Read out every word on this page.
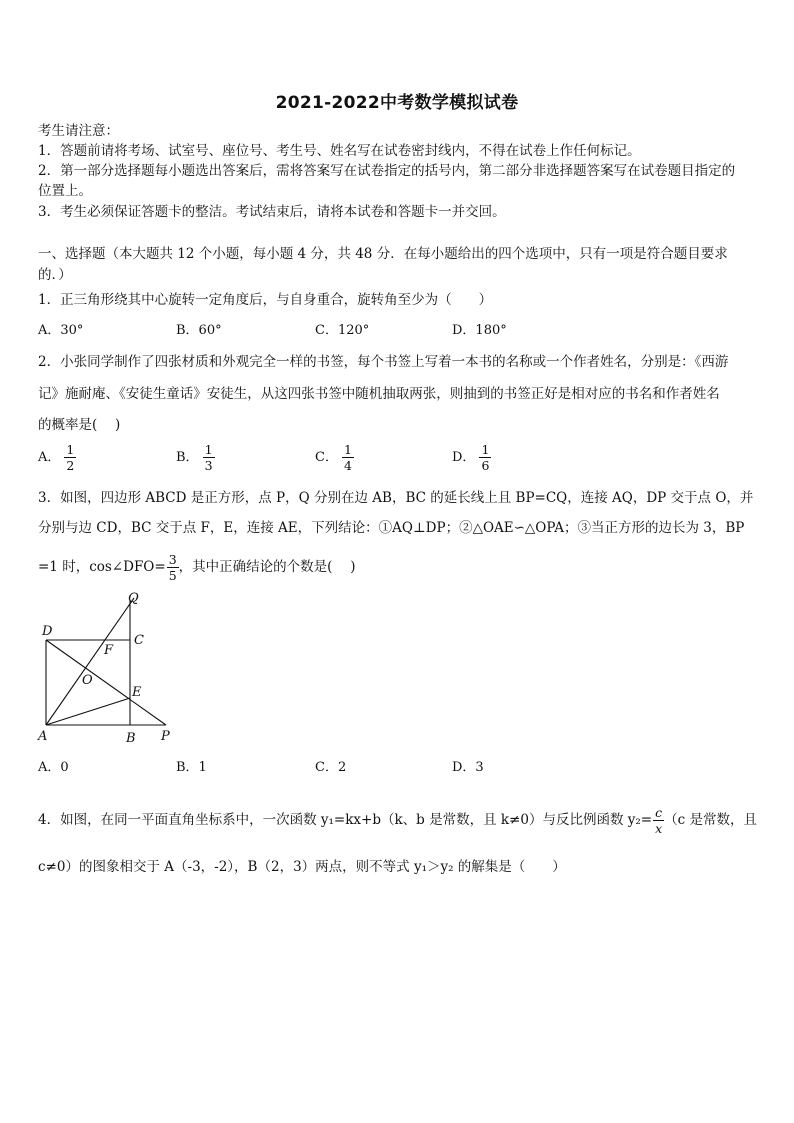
2021-2022中考数学模拟试卷
考生请注意：
1．答题前请将考场、试室号、座位号、考生号、姓名写在试卷密封线内，不得在试卷上作任何标记。
2．第一部分选择题每小题选出答案后，需将答案写在试卷指定的括号内，第二部分非选择题答案写在试卷题目指定的
位置上。
3．考生必须保证答题卡的整洁。考试结束后，请将本试卷和答题卡一并交回。
一、选择题（本大题共 12 个小题，每小题 4 分，共 48 分．在每小题给出的四个选项中，只有一项是符合题目要求
的．）
1．正三角形绕其中心旋转一定角度后，与自身重合，旋转角至少为（　　）
A．30°	B．60°	C．120°	D．180°
2．小张同学制作了四张材质和外观完全一样的书签，每个书签上写着一本书的名称或一个作者姓名，分别是：《西游
记》施耐庵、《安徒生童话》安徒生，从这四张书签中随机抽取两张，则抽到的书签正好是相对应的书名和作者姓名
的概率是(　 )
A． $\frac{1}{2}$	B． $\frac{1}{3}$	C． $\frac{1}{4}$	D． $\frac{1}{6}$
3．如图，四边形 ABCD 是正方形，点 P，Q 分别在边 AB，BC 的延长线上且 BP=CQ，连接 AQ，DP 交于点 O，并
分别与边 CD，BC 交于点 F，E，连接 AE，下列结论：①AQ⊥DP；②△OAE∽△OPA；③当正方形的边长为 3，BP
=1 时，cos∠DFO= $\frac{3}{5}$ ，其中正确结论的个数是(　 )
Q
D
C
F
O
E
A	B P
A．0	B．1	C．2	D．3
4．如图，在同一平面直角坐标系中，一次函数 y₁=kx+b（k、b 是常数，且 k≠0）与反比例函数 $y_2= \frac{c}{x} (c$ 是常数，且
c≠0）的图象相交于 A（-3，-2），B（2，3）两点，则不等式 y₁＞y₂ 的解集是（　　）
